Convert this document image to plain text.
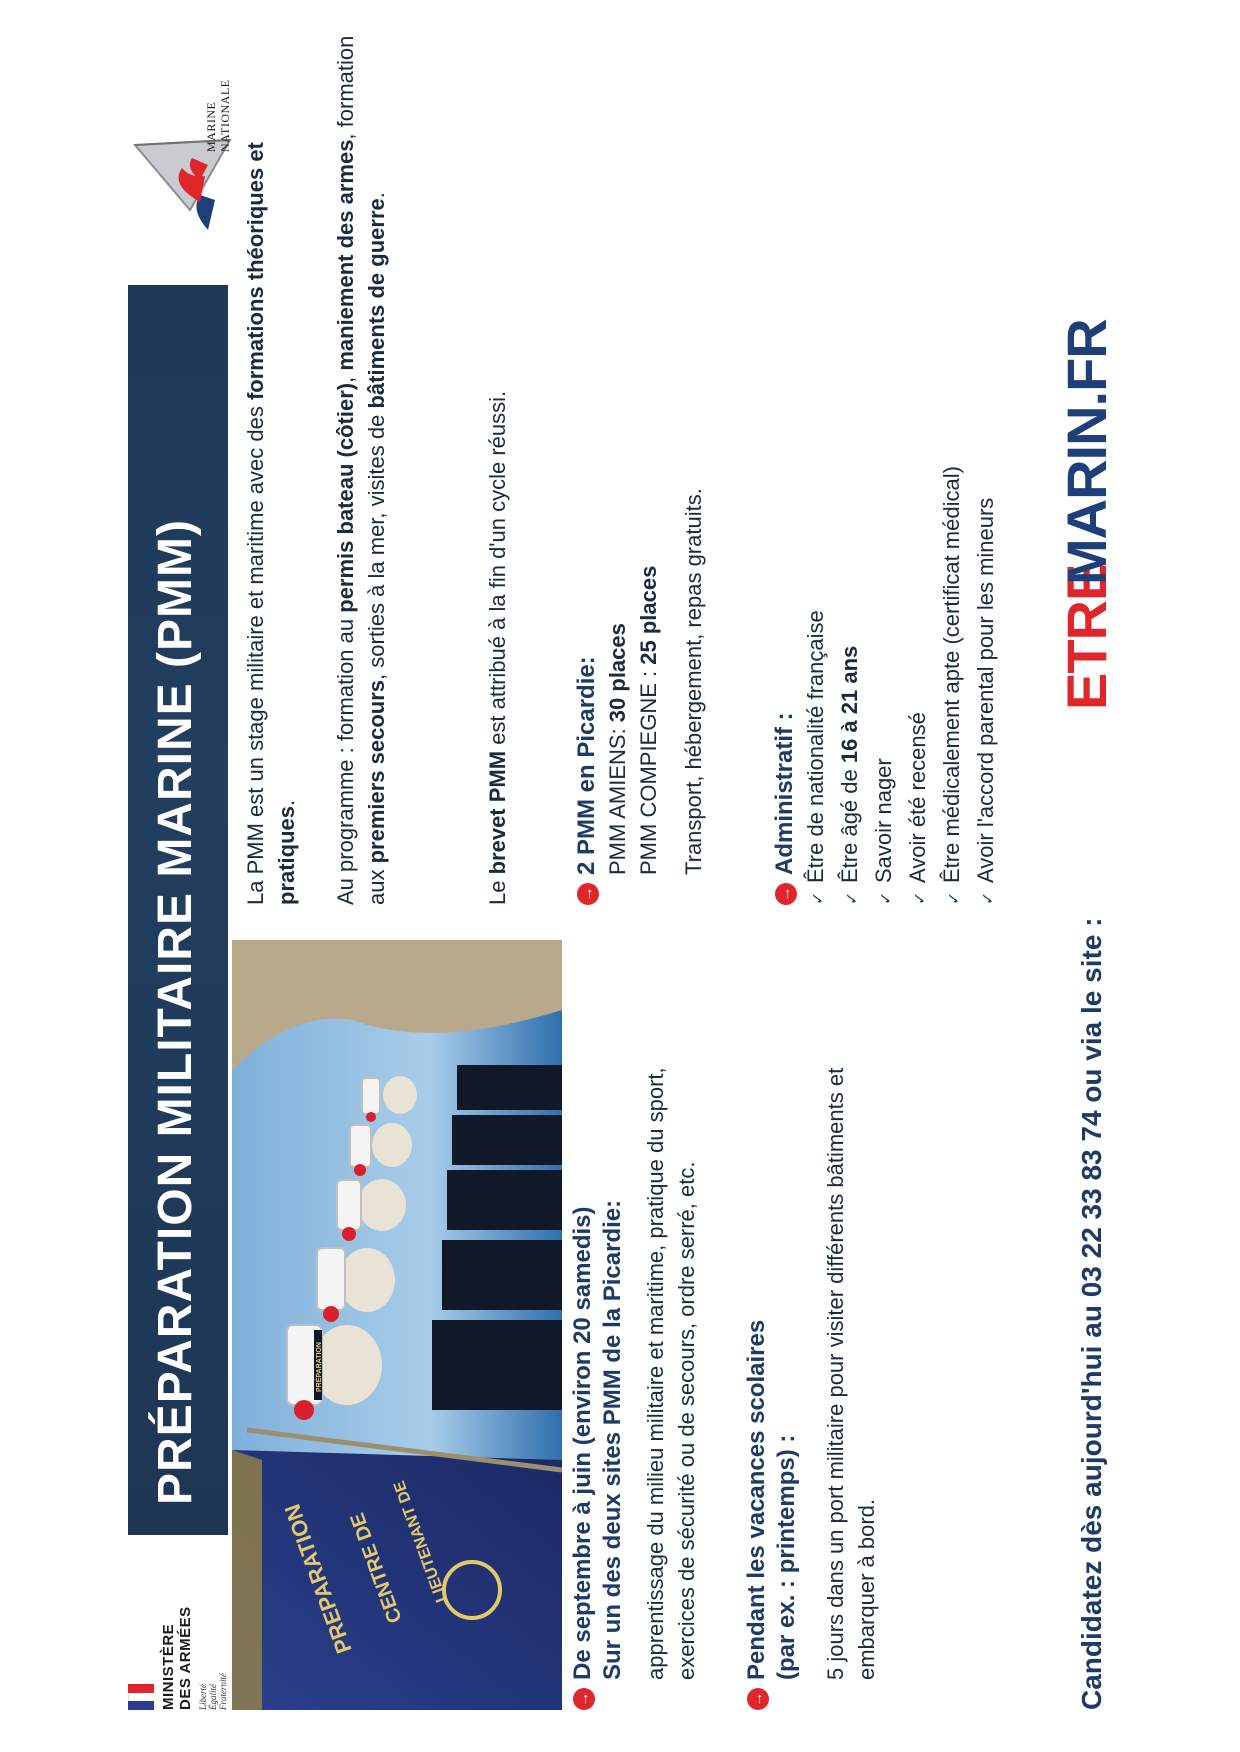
MINISTÈRE DES ARMÉES Liberté Égalité Fraternité
PRÉPARATION MILITAIRE MARINE (PMM)
MARINE NATIONALE
PREPARATION
CENTRE DE
LIEUTENANT DE
PRÉPARATION
La PMM est un stage militaire et maritime avec des formations théoriques et pratiques. Au programme : formation au permis bateau (côtier), maniement des armes, formation aux premiers secours, sorties à la mer, visites de bâtiments de guerre.
Le brevet PMM est attribué à la fin d'un cycle réussi.
→De septembre à juin (environ 20 samedis) Sur un des deux sites PMM de la Picardie: apprentissage du milieu militaire et maritime, pratique du sport, exercices de sécurité ou de secours, ordre serré, etc.
→Pendant les vacances scolaires (par ex. : printemps) : 5 jours dans un port militaire pour visiter différents bâtiments et embarquer à bord.
→2 PMM en Picardie: PMM AMIENS: 30 places PMM COMPIEGNE : 25 places Transport, hébergement, repas gratuits.
→Administratif :
✓Être de nationalité française
✓Être âgé de 16 à 21 ans
✓Savoir nager
✓Avoir été recensé
✓Être médicalement apte (certificat médical)
✓Avoir l'accord parental pour les mineurs
Candidatez dès aujourd'hui au 03 22 33 83 74 ou via le site :
ETRE
MARIN.FR
